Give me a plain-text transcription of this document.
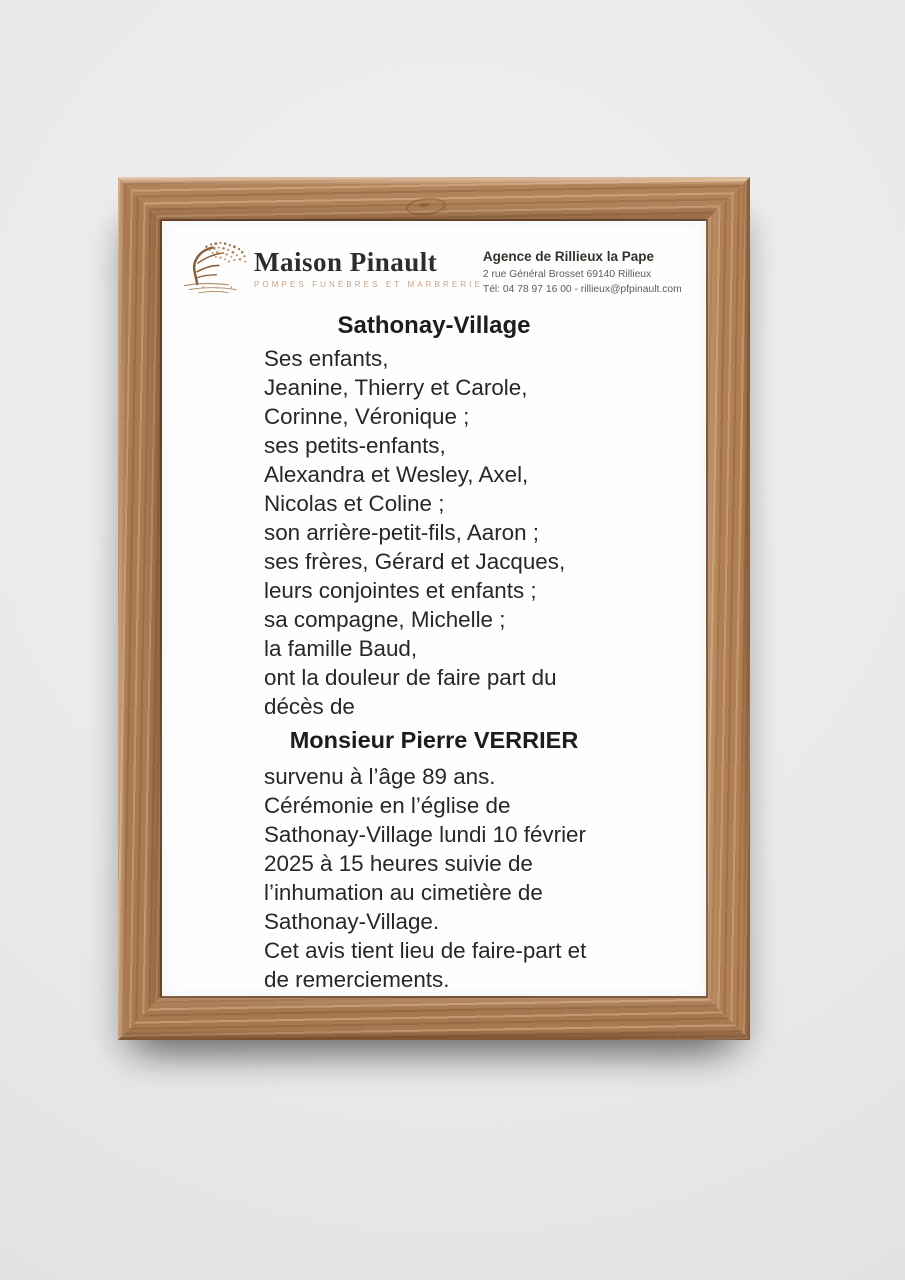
Maison Pinault
POMPES FUNÈBRES ET MARBRERIE
Agence de Rillieux la Pape
2 rue Général Brosset 69140 Rillieux
Tél: 04 78 97 16 00 - rillieux@pfpinault.com
Sathonay-Village
Ses enfants,
Jeanine, Thierry et Carole,
Corinne, Véronique ;
ses petits-enfants,
Alexandra et Wesley, Axel,
Nicolas et Coline ;
son arrière-petit-fils, Aaron ;
ses frères, Gérard et Jacques,
leurs conjointes et enfants ;
sa compagne, Michelle ;
la famille Baud,
ont la douleur de faire part du
décès de
Monsieur Pierre VERRIER
survenu à l’âge 89 ans.
Cérémonie en l’église de
Sathonay-Village lundi 10 février
2025 à 15 heures suivie de
l’inhumation au cimetière de
Sathonay-Village.
Cet avis tient lieu de faire-part et
de remerciements.
